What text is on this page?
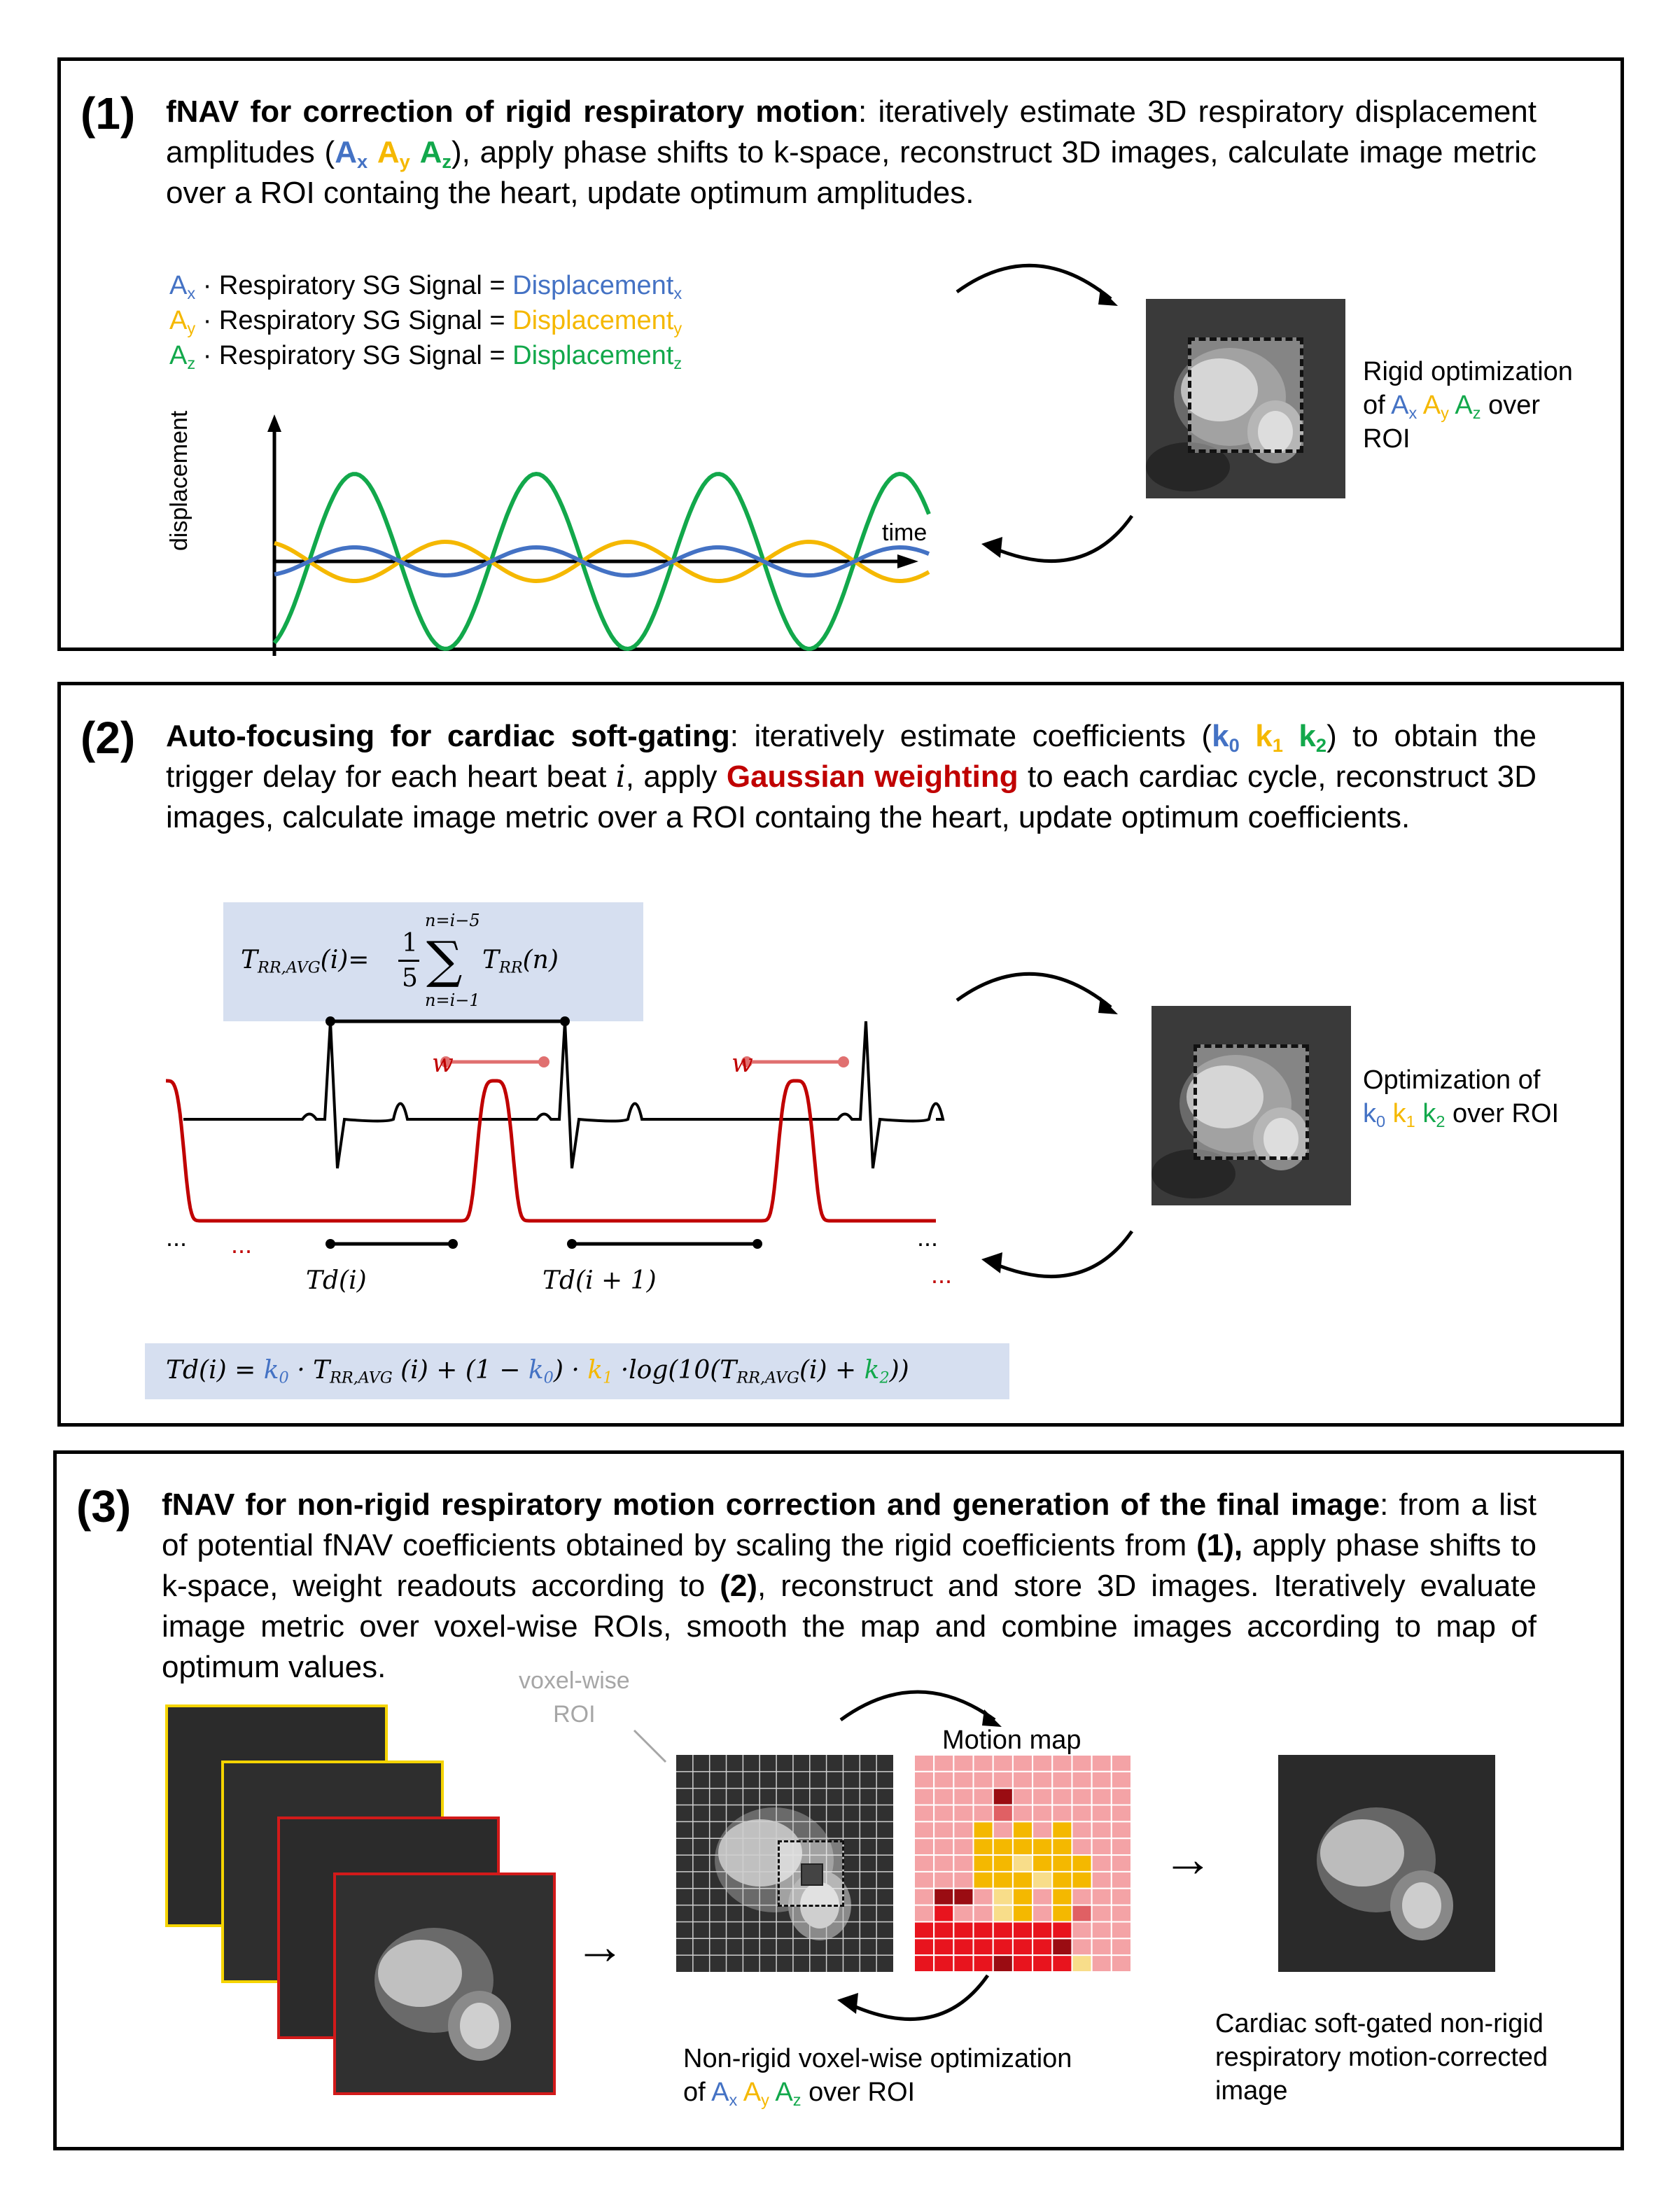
(1) fNAV for correction of rigid respiratory motion: iteratively estimate 3D respiratory displacement amplitudes ($A_x$ $A_y$ $A_z$), apply phase shifts to k-space, reconstruct 3D images, calculate image metric over a ROI containg the heart, update optimum amplitudes.
$A_x$ · Respiratory SG Signal = Displacement$_x$
$A_y$ · Respiratory SG Signal = Displacement$_y$
$A_z$ · Respiratory SG Signal = Displacement$_z$
displacement	time
Rigid optimization
of $A_x$ $A_y$ $A_z$ over
ROI
(2) Auto-focusing for cardiac soft-gating: iteratively estimate coefficients ($k_0$ $k_1$ $k_2$) to obtain the trigger delay for each heart beat i, apply Gaussian weighting to each cardiac cycle, reconstruct 3D images, calculate image metric over a ROI containg the heart, update optimum coefficients.
$T_{RR,AVG}(i)=$
1
5
n=i−5
∑
n=i−1
$T_{RR}(n)$
w	w
...	...
...
...
Td(i)	Td(i + 1)
$Td(i) = k_0 \cdot T_{RR,AVG}$ $(i) + (1 - k_0) \cdot k_1 \cdot\log(10(T_{RR,AVG}(i) + k_2))$
Optimization of
$k_0$ $k_1$ $k_2$ over ROI
(3) fNAV for non-rigid respiratory motion correction and generation of the final image: from a list of potential fNAV coefficients obtained by scaling the rigid coefficients from (1), apply phase shifts to k-space, weight readouts according to (2), reconstruct and store 3D images. Iteratively evaluate image metric over voxel-wise ROIs, smooth the map and combine images according to map of optimum values.
→
voxel-wise
ROI
Motion map
Non-rigid voxel-wise optimization
of $A_x$ $A_y$ $A_z$ over ROI
→
Cardiac soft-gated non-rigid
respiratory motion-corrected
image
